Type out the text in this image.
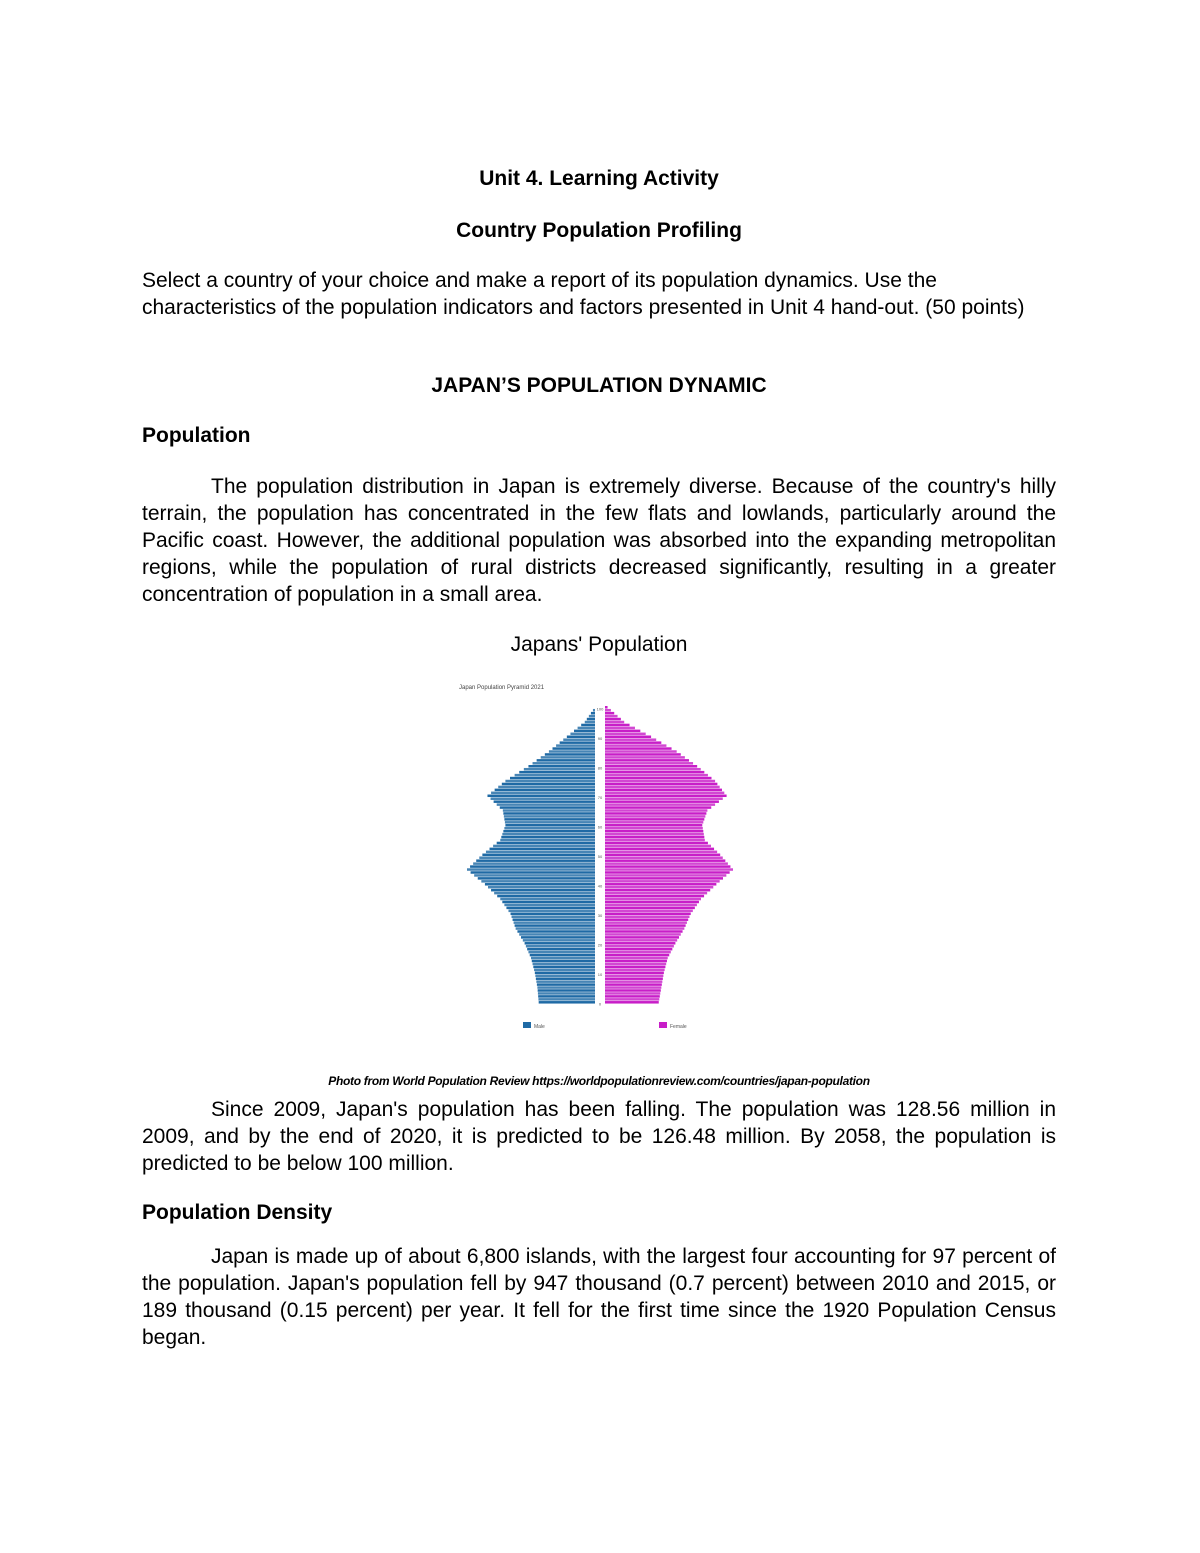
Unit 4. Learning Activity

Country Population Profiling

Select a country of your choice and make a report of its population dynamics. Use the characteristics of the population indicators and factors presented in Unit 4 hand-out. (50 points)

JAPAN’S POPULATION DYNAMIC

Population

The population distribution in Japan is extremely diverse. Because of the country's hilly terrain, the population has concentrated in the few flats and lowlands, particularly around the Pacific coast. However, the additional population was absorbed into the expanding metropolitan regions, while the population of rural districts decreased significantly, resulting in a greater concentration of population in a small area.

Japans' Population

Japan Population Pyramid 2021
0
10
20
30
40
50
60
70
80
90
100
Male	Female

Photo from World Population Review https://worldpopulationreview.com/countries/japan-population

Since 2009, Japan's population has been falling. The population was 128.56 million in 2009, and by the end of 2020, it is predicted to be 126.48 million. By 2058, the population is predicted to be below 100 million.

Population Density

Japan is made up of about 6,800 islands, with the largest four accounting for 97 percent of the population. Japan's population fell by 947 thousand (0.7 percent) between 2010 and 2015, or 189 thousand (0.15 percent) per year. It fell for the first time since the 1920 Population Census began.
